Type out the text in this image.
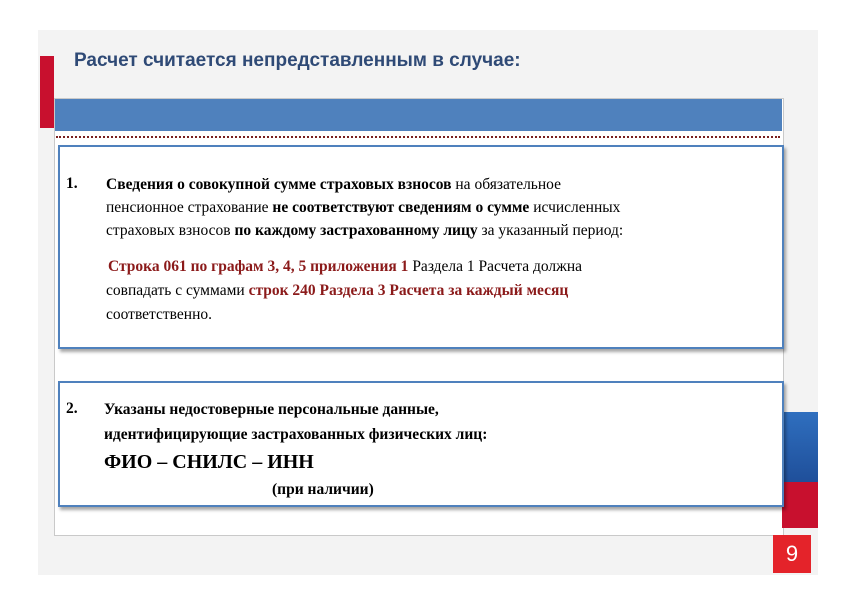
Расчет считается непредставленным в случае:
9
1. Сведения о совокупной сумме страховых взносов на обязательное
пенсионное страхование не соответствуют сведениям о сумме исчисленных
страховых взносов по каждому застрахованному лицу за указанный период:
Строка 061 по графам 3, 4, 5 приложения 1 Раздела 1 Расчета должна
совпадать с суммами строк 240 Раздела 3 Расчета за каждый месяц
соответственно.
2. Указаны недостоверные персональные данные,
идентифицирующие застрахованных физических лиц:
ФИО – СНИЛС – ИНН
(при наличии)
